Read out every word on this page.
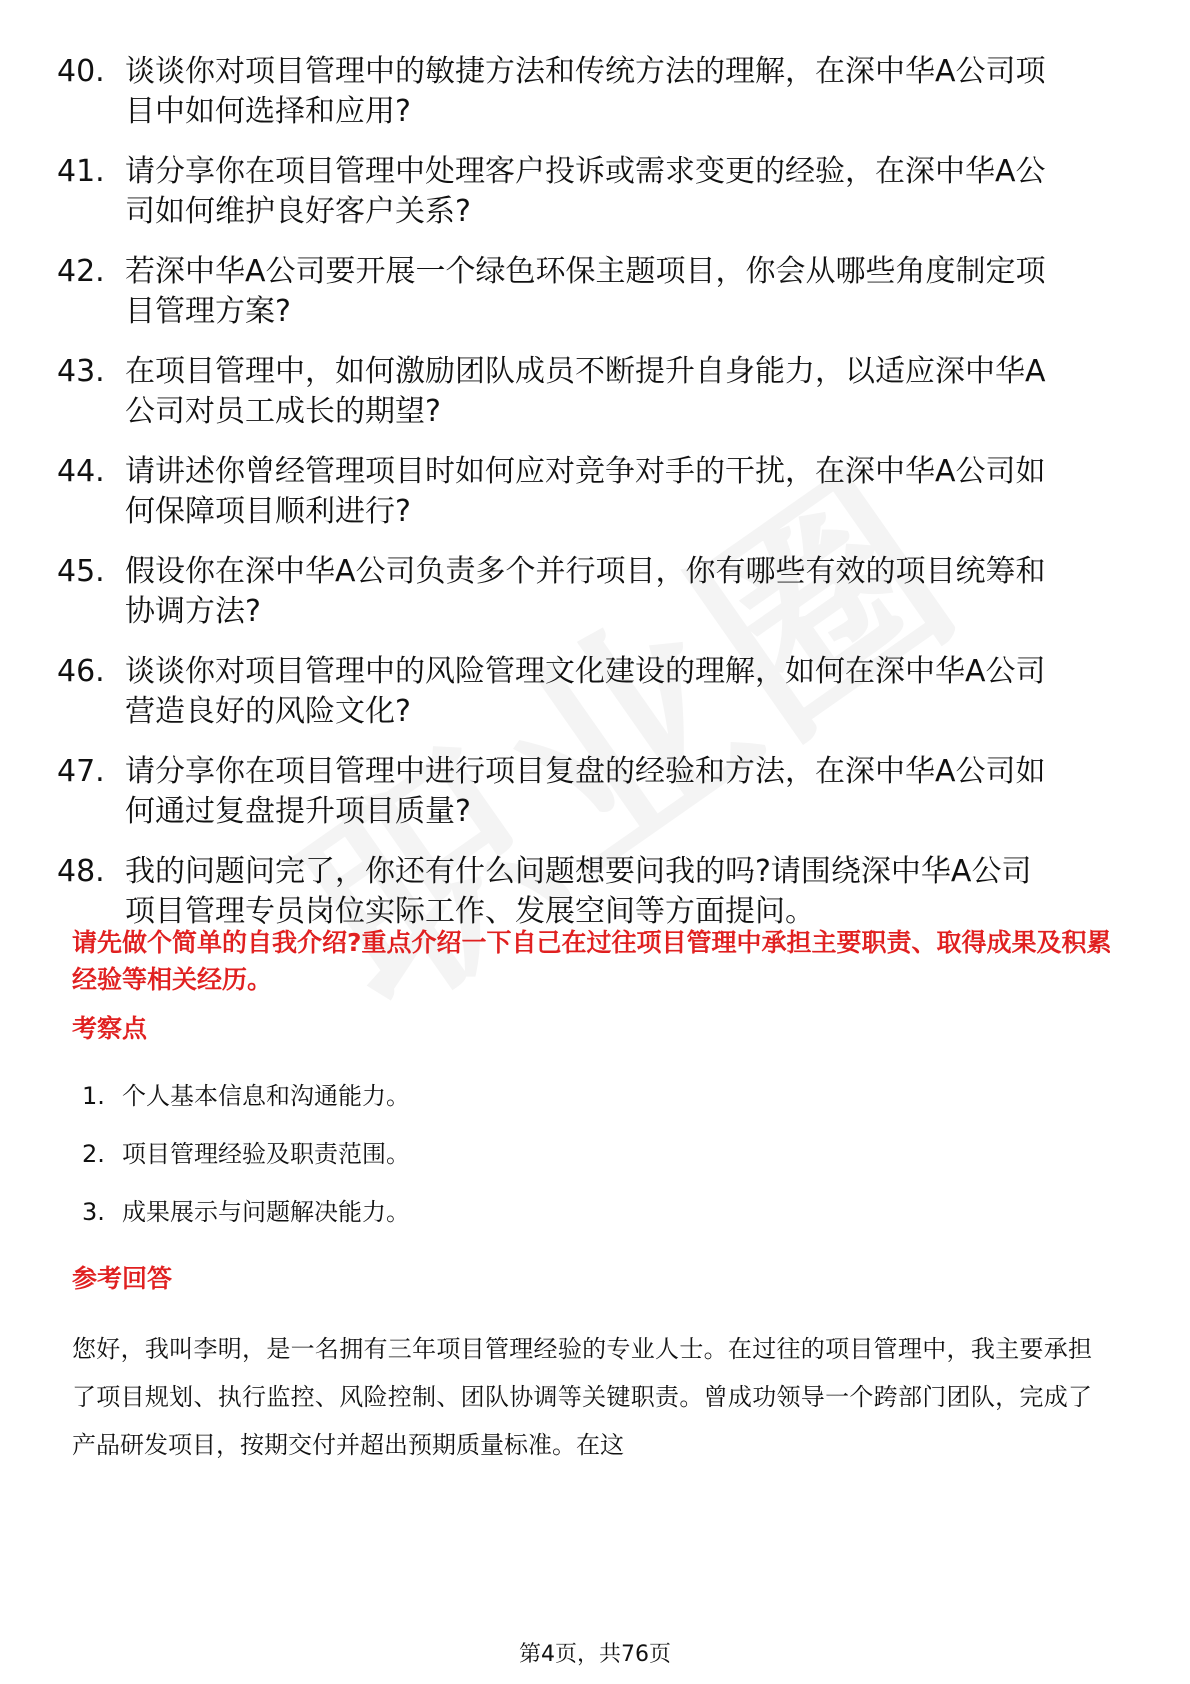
40. 谈谈你对项目管理中的敏捷方法和传统方法的理解，在深中华A公司项目中如何选择和应用?
41. 请分享你在项目管理中处理客户投诉或需求变更的经验，在深中华A公司如何维护良好客户关系?
42. 若深中华A公司要开展一个绿色环保主题项目，你会从哪些角度制定项目管理方案?
43. 在项目管理中，如何激励团队成员不断提升自身能力，以适应深中华A公司对员工成长的期望?
44. 请讲述你曾经管理项目时如何应对竞争对手的干扰，在深中华A公司如何保障项目顺利进行?
45. 假设你在深中华A公司负责多个并行项目，你有哪些有效的项目统筹和协调方法?
46. 谈谈你对项目管理中的风险管理文化建设的理解，如何在深中华A公司营造良好的风险文化?
47. 请分享你在项目管理中进行项目复盘的经验和方法，在深中华A公司如何通过复盘提升项目质量?
48. 我的问题问完了，你还有什么问题想要问我的吗?请围绕深中华A公司项目管理专员岗位实际工作、发展空间等方面提问。

请先做个简单的自我介绍?重点介绍一下自己在过往项目管理中承担主要职责、取得成果及积累经验等相关经历。

考察点
1. 个人基本信息和沟通能力。
2. 项目管理经验及职责范围。
3. 成果展示与问题解决能力。
参考回答

您好，我叫李明，是一名拥有三年项目管理经验的专业人士。在过往的项目管理中，我主要承担了项目规划、执行监控、风险控制、团队协调等关键职责。曾成功领导一个跨部门团队，完成了产品研发项目，按期交付并超出预期质量标准。在这

第4页，共76页
